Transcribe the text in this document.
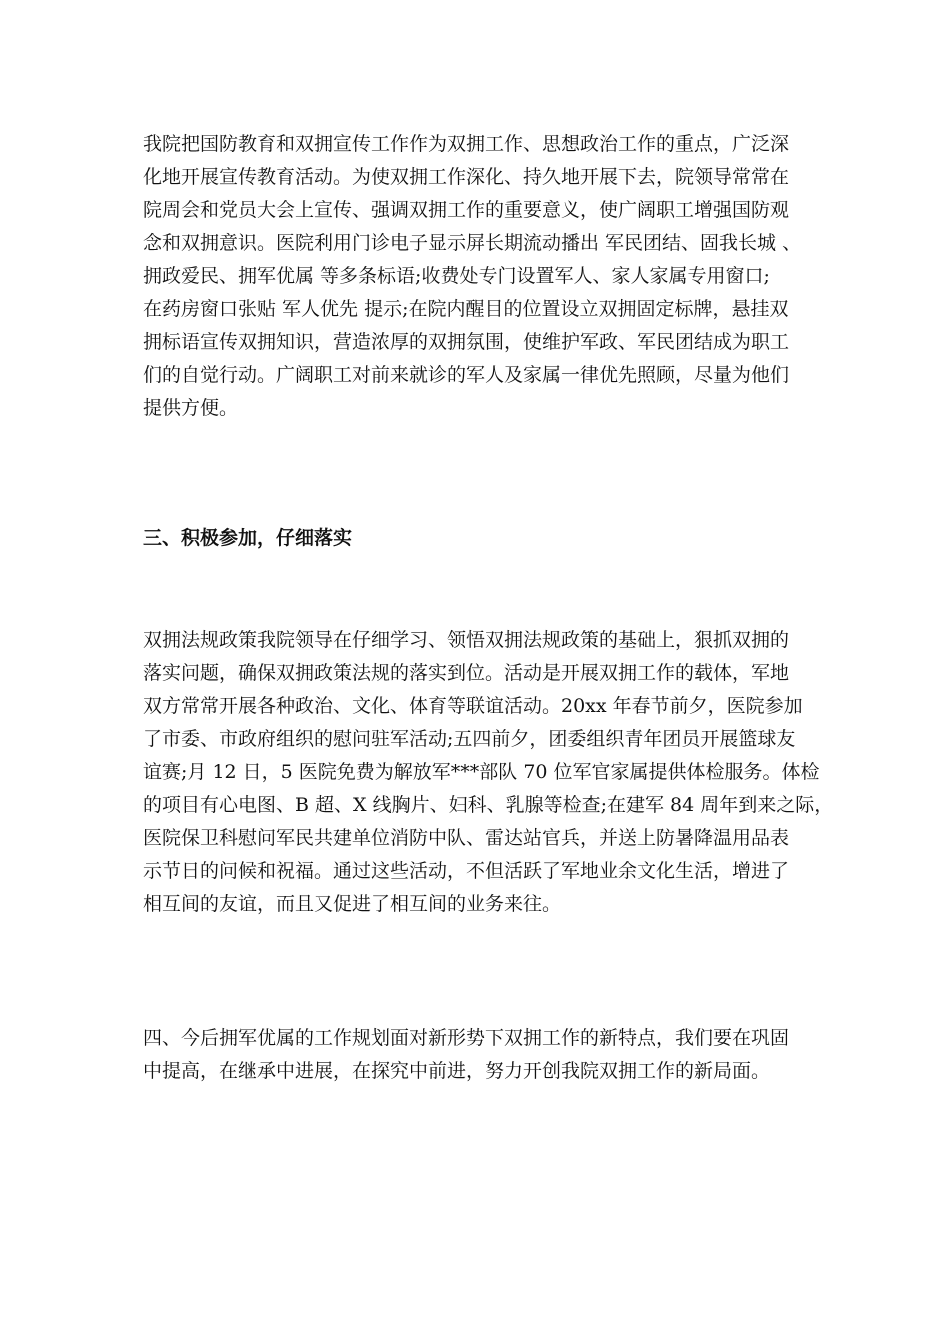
我院把国防教育和双拥宣传工作作为双拥工作、思想政治工作的重点，广泛深
化地开展宣传教育活动。为使双拥工作深化、持久地开展下去，院领导常常在
院周会和党员大会上宣传、强调双拥工作的重要意义，使广阔职工增强国防观
念和双拥意识。医院利用门诊电子显示屏长期流动播出 军民团结、固我长城 、
拥政爱民、拥军优属 等多条标语;收费处专门设置军人、家人家属专用窗口;
在药房窗口张贴 军人优先 提示;在院内醒目的位置设立双拥固定标牌，悬挂双
拥标语宣传双拥知识，营造浓厚的双拥氛围，使维护军政、军民团结成为职工
们的自觉行动。广阔职工对前来就诊的军人及家属一律优先照顾，尽量为他们
提供方便。
三、积极参加，仔细落实
双拥法规政策我院领导在仔细学习、领悟双拥法规政策的基础上，狠抓双拥的
落实问题，确保双拥政策法规的落实到位。活动是开展双拥工作的载体，军地
双方常常开展各种政治、文化、体育等联谊活动。20xx 年春节前夕，医院参加
了市委、市政府组织的慰问驻军活动;五四前夕，团委组织青年团员开展篮球友
谊赛;月 12 日，5 医院免费为解放军***部队 70 位军官家属提供体检服务。体检
的项目有心电图、B 超、X 线胸片、妇科、乳腺等检查;在建军 84 周年到来之际，
医院保卫科慰问军民共建单位消防中队、雷达站官兵，并送上防暑降温用品表
示节日的问候和祝福。通过这些活动，不但活跃了军地业余文化生活，增进了
相互间的友谊，而且又促进了相互间的业务来往。
四、今后拥军优属的工作规划面对新形势下双拥工作的新特点，我们要在巩固
中提高，在继承中进展，在探究中前进，努力开创我院双拥工作的新局面。
